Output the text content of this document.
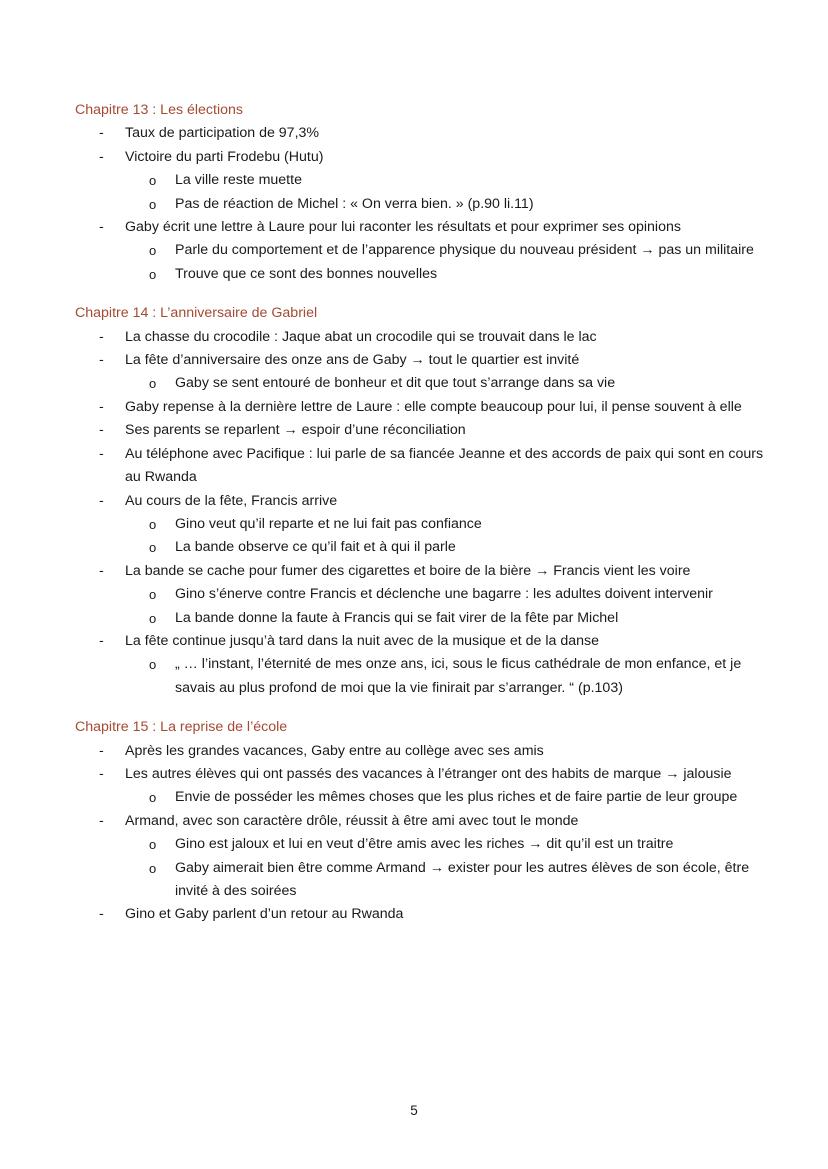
Chapitre 13 : Les élections
- Taux de participation de 97,3%
- Victoire du parti Frodebu (Hutu)
o La ville reste muette
o Pas de réaction de Michel : « On verra bien. » (p.90 li.11)
- Gaby écrit une lettre à Laure pour lui raconter les résultats et pour exprimer ses opinions
o Parle du comportement et de l’apparence physique du nouveau président → pas un militaire
o Trouve que ce sont des bonnes nouvelles
Chapitre 14 : L’anniversaire de Gabriel
- La chasse du crocodile : Jaque abat un crocodile qui se trouvait dans le lac
- La fête d’anniversaire des onze ans de Gaby → tout le quartier est invité
o Gaby se sent entouré de bonheur et dit que tout s’arrange dans sa vie
- Gaby repense à la dernière lettre de Laure : elle compte beaucoup pour lui, il pense souvent à elle
- Ses parents se reparlent → espoir d’une réconciliation
- Au téléphone avec Pacifique : lui parle de sa fiancée Jeanne et des accords de paix qui sont en cours au Rwanda
- Au cours de la fête, Francis arrive
o Gino veut qu’il reparte et ne lui fait pas confiance
o La bande observe ce qu’il fait et à qui il parle
- La bande se cache pour fumer des cigarettes et boire de la bière → Francis vient les voire
o Gino s’énerve contre Francis et déclenche une bagarre : les adultes doivent intervenir
o La bande donne la faute à Francis qui se fait virer de la fête par Michel
- La fête continue jusqu’à tard dans la nuit avec de la musique et de la danse
o „ … l’instant, l’éternité de mes onze ans, ici, sous le ficus cathédrale de mon enfance, et je savais au plus profond de moi que la vie finirait par s’arranger. “ (p.103)
Chapitre 15 : La reprise de l’école
- Après les grandes vacances, Gaby entre au collège avec ses amis
- Les autres élèves qui ont passés des vacances à l’étranger ont des habits de marque → jalousie
o Envie de posséder les mêmes choses que les plus riches et de faire partie de leur groupe
- Armand, avec son caractère drôle, réussit à être ami avec tout le monde
o Gino est jaloux et lui en veut d’être amis avec les riches → dit qu’il est un traitre
o Gaby aimerait bien être comme Armand → exister pour les autres élèves de son école, être invité à des soirées
- Gino et Gaby parlent d’un retour au Rwanda
5
